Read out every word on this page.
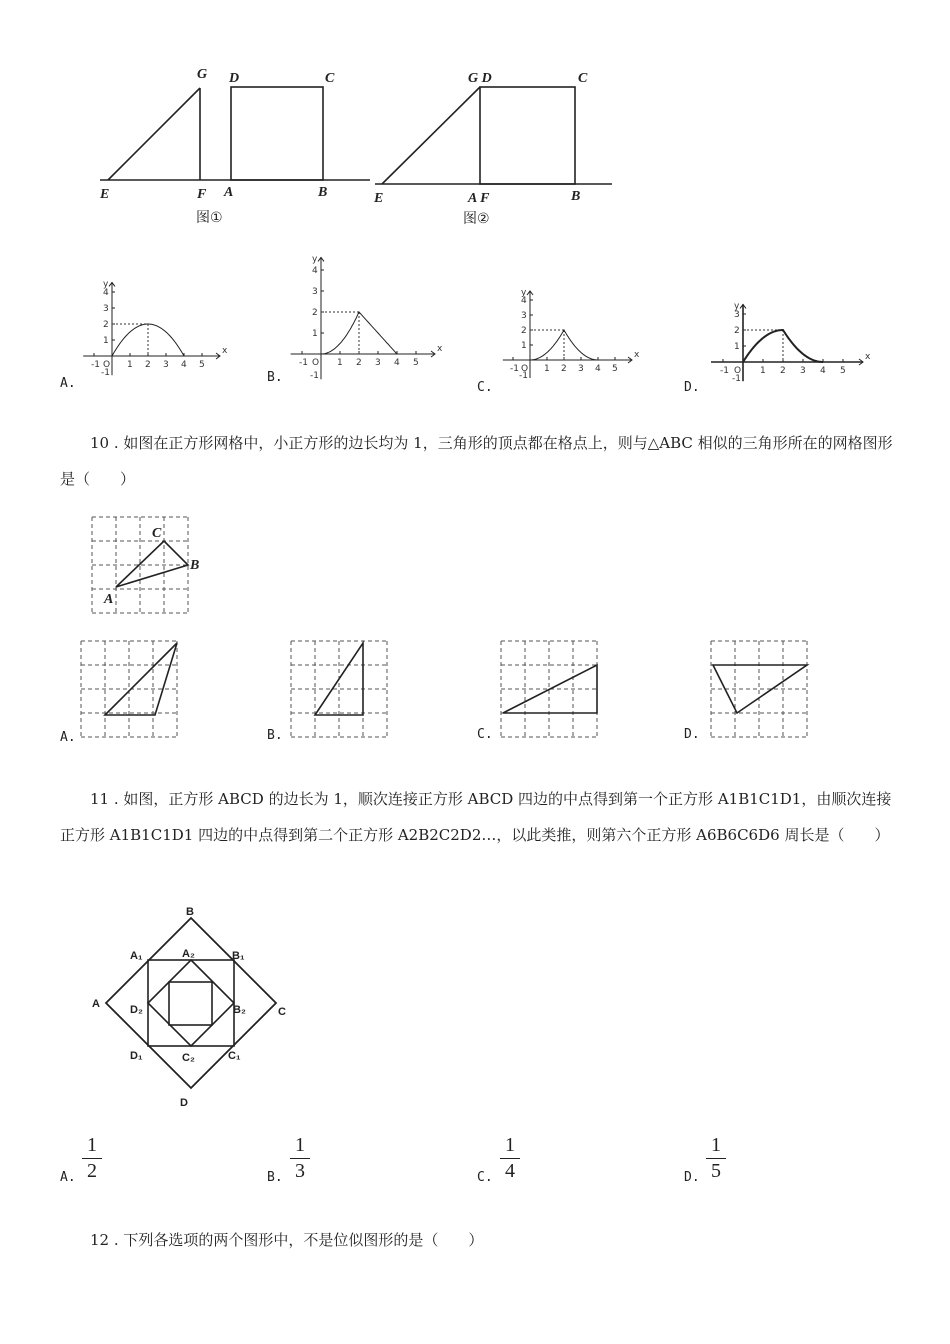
G D	C
E	F A	B
图①
G D	C
E	A F	B
图②
x
y
-1 O 1 2 3 4 5
1
2
3
4
-1
x
y
-1 O 1 2 3 4 5
1
2
3
4
-1
x
y
-1 O 1 2 3 4 5
1
2
3
4
-1
x
y
-1 O 1 2 3 4 5
1
2
3
-1
A.	B.
C.	D.
10 . 如图在正方形网格中，小正方形的边长均为 1，三角形的顶点都在格点上，则与△ABC 相似的三角形所在的网格图形是（　　）
A
B
C
A.	B.	C.	D.
11 . 如图，正方形 ABCD 的边长为 1，顺次连接正方形 ABCD 四边的中点得到第一个正方形 A1B1C1D1，由顺次连接正方形 A1B1C1D1 四边的中点得到第二个正方形 A2B2C2D2…，以此类推，则第六个正方形 A6B6C6D6 周长是（　　）
B
A
C
D
A₁	B₁
C₁
D₁
A₂
B₂
C₂
D₂
A.
1
2	B.
1
3	C.
1
4	D.
1
5
12 . 下列各选项的两个图形中，不是位似图形的是（　　）
